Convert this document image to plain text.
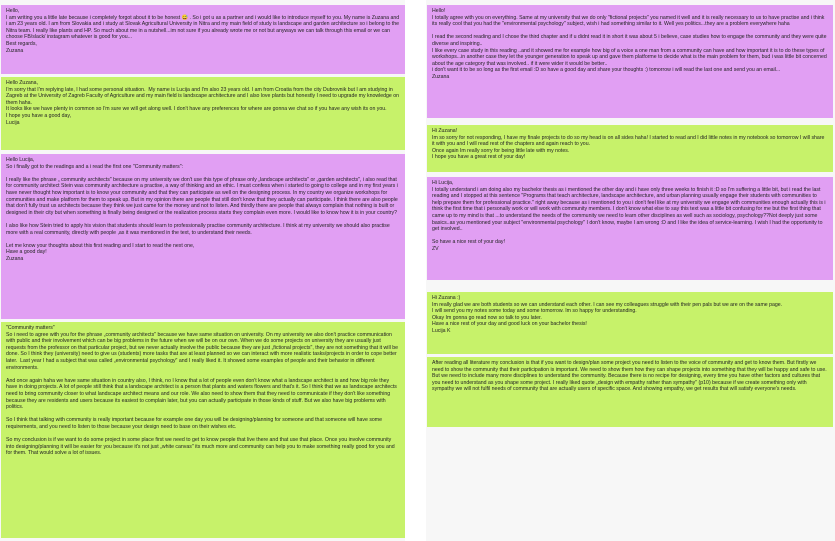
Hello,
I am writing you a little late because i completely forgot about it to be honest 😅 . So i got u as a partner and i would like to introduce myself to you. My name is Zuzana and i am 23 years old. I am from Slovakia and i study at Slovak Agricultural University in Nitra and my main field of study is landscape and garden architecture so i belong to the Nitra team. I really like plants and HP. So much about me in a nutshell...im not sure if you already wrote me or not but anyways we can talk through this email or we can choose FB/slack/ instagram whatever is good for you...
Best regards,
Zuzana
Hello Zuzana,
I'm sorry that I'm replying late, I had some personal situation.  My name is Lucija and I'm also 23 years old. I am from Croatia from the city Dubrovnik but I am studying in Zagreb at the University of Zagreb Faculty of Agriculture and my main field is landscape architecture and I also love plants but honestly I need to upgrade my knowledge on them haha.
It looks like we have plenty in common so I'm sure we will get along well. I don't have any preferences for where are gonna we chat so if you have any wish its on you.
I hope you have a good day,
Lucija
Hello Lucija,
So i finally got to the readings and a i read the first one "Community matters":

I really like the phrase „ community architects" because on my university we don't use this type of phrase only „landscape architects" or „garden architects", i also read that for community architect Stein was community architecture a practise, a way of thinking and an ethic. I must confess when i started to going to college and in my first years i have never thought how important is to know your community and that they can participate as well on the designing process. In my country we organize workshops for communities and make platform for them to speak up. But in my opinion there are people that still don't know that they actually can participate. I think there are also people that don't fully trust us architects because they think we just came for the money and not to listen. And thirdly there are people that always complain that nothing is built or designed in their city but when something is finally being designed or the realization process starts they complain even more. I would like to know how it is in your country?

I also like how Stein tried to apply his vision that students should learn to professionally practise community architecture. I think at my university we should also practise more with a real community, directly with people ,as it was mentioned in the text, to understand their needs.

Let me know your thoughts about this first reading and I start to read the next one,
Have a good day!
Zuzana
"Community matters"
So i need to agree with you for the phrase „community architects" because we have same situation on university. On my university we also don't practice communication with public and their involvement which can be big problems in the future when we will be on our own. When we do some projects on university they are usually just requests from the professor on that particular project, but we never actually involve the public because they are just „fictional projects", they are not something that it will be done. So I think they (university) need to give us (students) more tasks that are at least planned so we can interact with more realistic tasks/projects in order to cope better later.  Last year I had a subject that was called „environmental psychology" and I really liked it. It showed some examples of people and their behavior in different environments.

And once again haha we have same situation in country also, I think, no I know that a lot of people even don't know what a landscape architect is and how big role they have in doing projects. A lot of people still think that a landscape architect is a person that plants and waters flowers and that's it. So I think that we as landscape architects need to bring community closer to what landscape architect means and our role. We also need to show them that they need to communicate if they don't like something because they are residents and users because its easiest to complain later, but you can actually participate in those kinds of stuff. But we also have big problems with politics.

So I think that talking with community is really important because for example one day you will be designing/planning for someone and that someone will have some requirements, and you need to listen to those because your design need to base on their wishes etc.

So my conclusion is if we want to do some project in some place first we need to get to know people that live there and that use that place. Once you involve community into designing/planning it will be easier for you because it's not just „white canvas" its much more and community can help you to make something really good for you and for them. That would solve a lot of issues.
Hello!
I totally agree with you on everything. Same at my university that we do only "fictional projects" you named it well and it is really necessary to us to have practise and i think its really cool that you had the "environmental psychology" subject, wish i had something similar to it. Well yes politics...they are a problem everywhere haha

I read the second reading and I chose the third chapter and if u didnt read it in short it was about 5 i believe, case studies how to engage the community and they were quite diverse and inspiring..
I like every case study in this reading ..and it showed me for example how big of a voice a one man from a community can have and how important it is to do these types of workshops...in another case they let the younger generation to speak up and gave them platforme to decide what is the main problem for them, bud i was little bit concerned about the age category that was involved.. if it were wider it would be better..
i don't want it to be so long as the first email :D so have a good day and share your thoughts :) tomorrow i will read the last one and send you an email...
Zuzana
Hi Zuzana!
Im so sorry for not responding, I have my finale projects to do so my head is on all sides haha! I started to read and I did little notes in my notebook so tomorrow I will share it with you and I will read rest of the chapters and again reach to you.
Once again Im really sorry for being little late with my notes.
I hope you have a great rest of your day!
Hi Lucija,
I totally understand i am doing also my bachelor thesis as i mentioned the other day and i have only three weeks to finish it :D so I'm suffering a little bit, but i read the last reading and I stopped at this sentence "Programs that teach architecture, landscape architecture, and urban planning usually engage their students with communities to help prepare them for professional practice." right away because as i mentioned to you i don't feel like at my university we engage with communities enough actually this is i think the first time that i personally work or will work with community members. I don't know what else to say this text was a little bit confusing for me but the first thing that came up to my mind is that ...to understand the needs of the community we need to learn other disciplines as well such as sociology, psychology??Not deeply just some basics..as you mentioned your subject "environmental psychology" I don't know, maybe I am wrong :D and I like the idea of service-learning. I wish I had the opportunity to get involved..

So have a nice rest of your day!
ZV
Hi Zuzana :)
Im really glad we are both students so we can understand each other. I can see my colleagues struggle with their pen pals but we are on the same page.
I will send you my notes some today and some tomorrow. Im so happy for understanding.
Okay Im gonna go read now so talk to you later.
Have a nice rest of your day and good luck on your bachelor thesis!
Lucija K
After reading all literature my conclusion is that if you want to design/plan some project you need to listen to the voice of community and get to know them. But firstly we need to show the community that their participation is important. We need to show them how they can shape projects into something that they will be happy and safe to use.  But we need to include many more disciplines to understand the community. Because there is no recipe for designing, every time you have other factors and cultures that you need to understand as you shape some project. I really liked quote „design with empathy rather than sympathy" (p10) because if we create something only with sympathy we will not fulfil needs of community that are actually users of specific space. And showing empathy, we get results that will satisfy everyone's needs.
